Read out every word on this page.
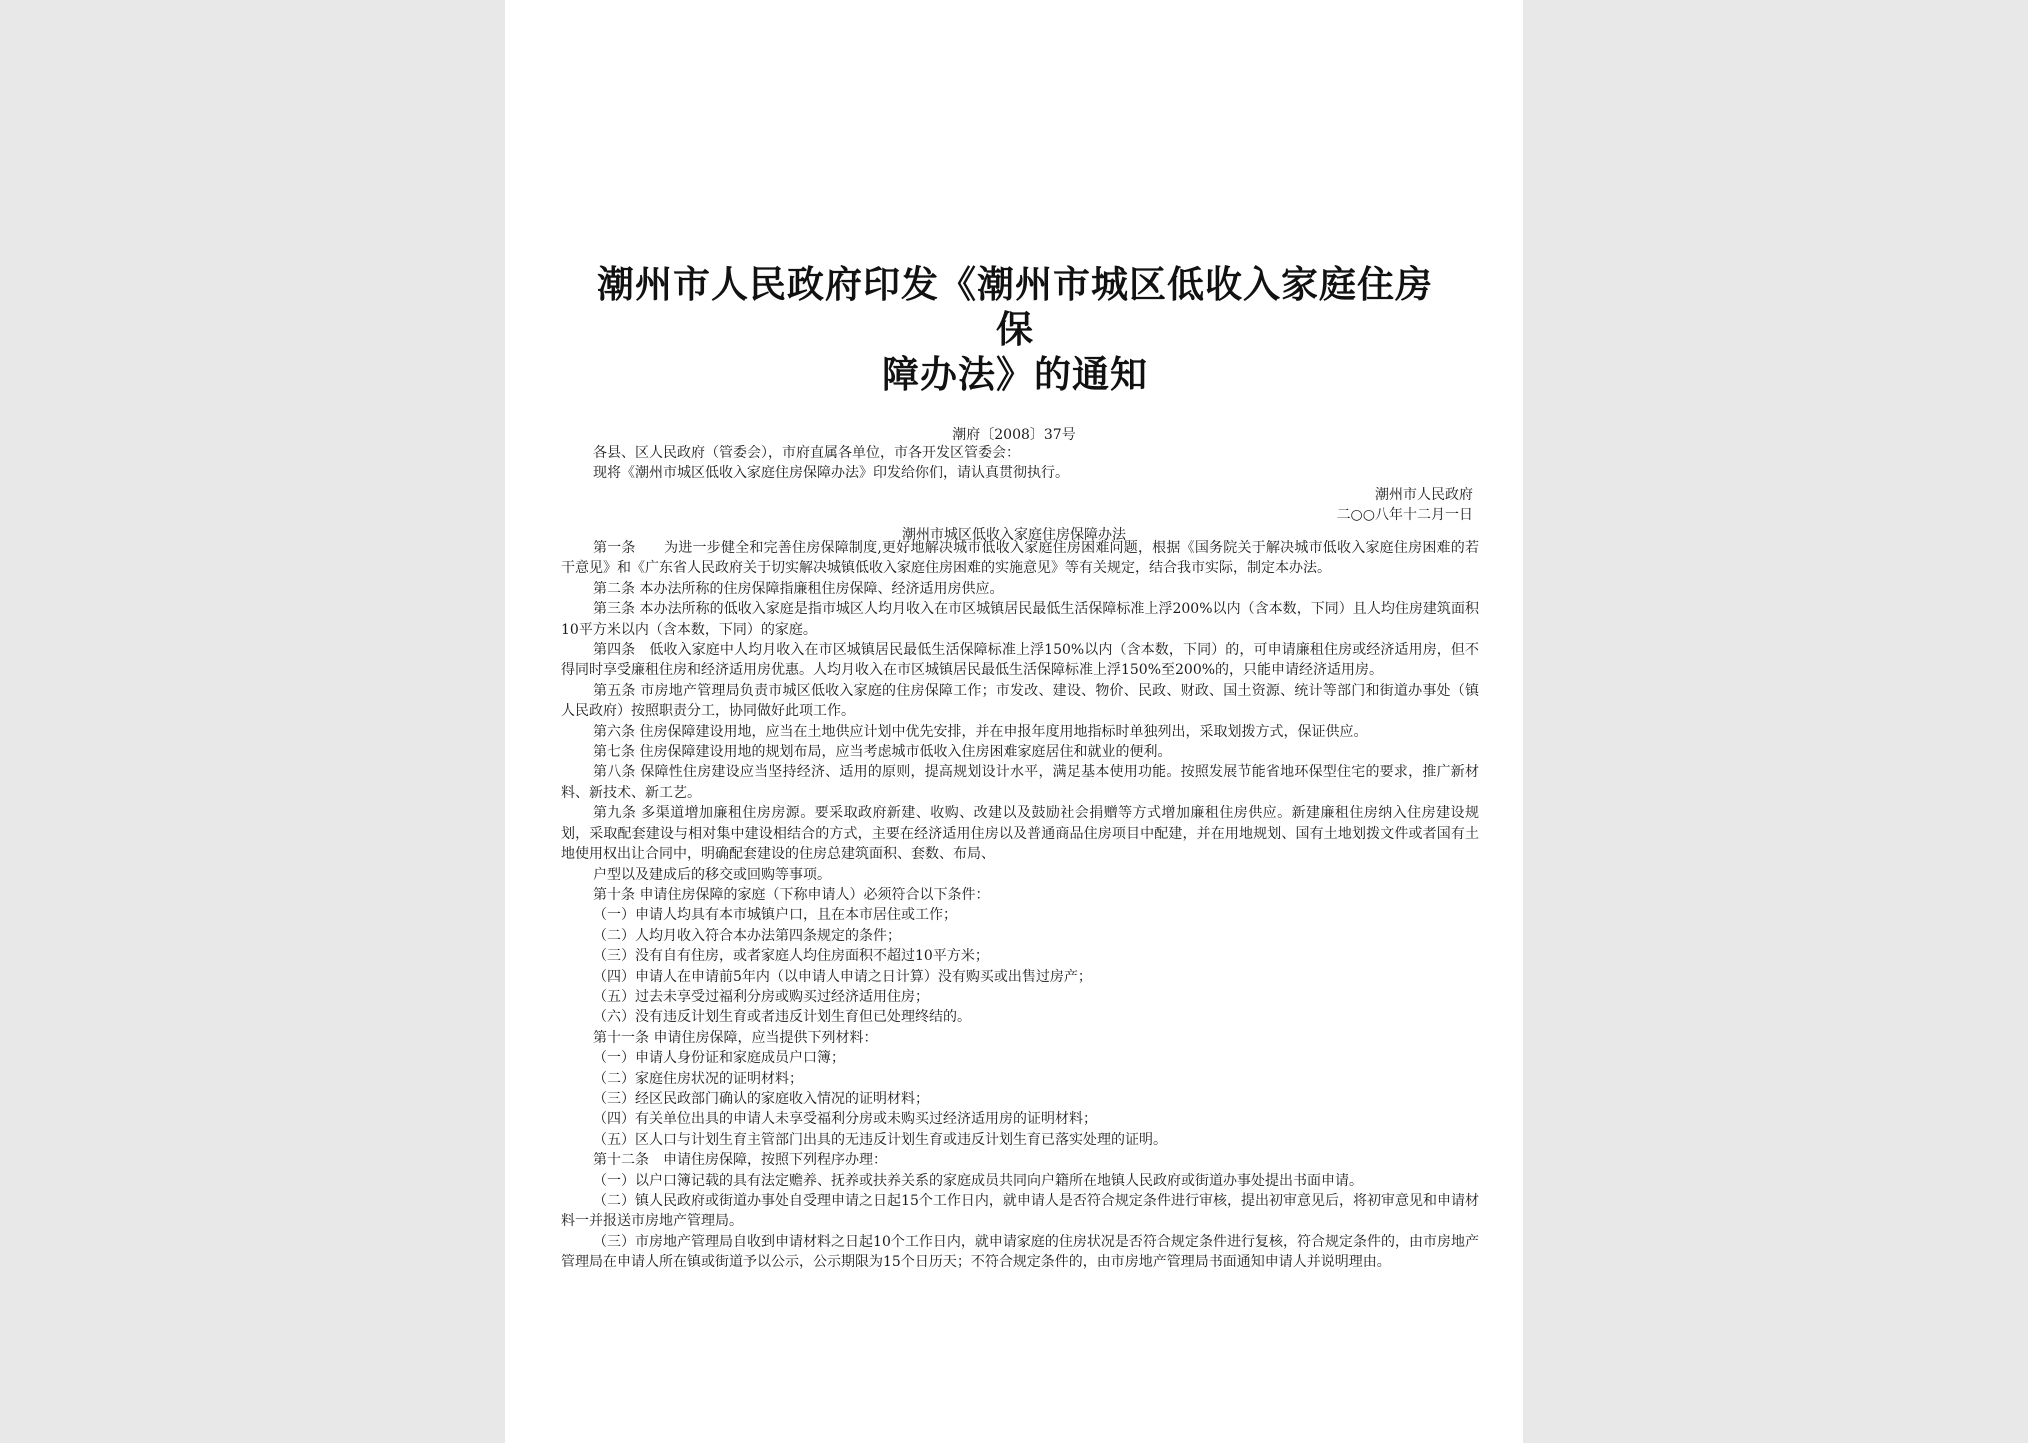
潮州市人民政府印发《潮州市城区低收入家庭住房保
障办法》的通知
潮府〔2008〕37号
各县、区人民政府（管委会），市府直属各单位，市各开发区管委会：
现将《潮州市城区低收入家庭住房保障办法》印发给你们，请认真贯彻执行。
潮州市人民政府
二○○八年十二月一日
潮州市城区低收入家庭住房保障办法

第一条　　为进一步健全和完善住房保障制度,更好地解决城市低收入家庭住房困难问题，根据《国务院关于解决城市低收入家庭住房困难的若干意见》和《广东省人民政府关于切实解决城镇低收入家庭住房困难的实施意见》等有关规定，结合我市实际，制定本办法。

第二条 本办法所称的住房保障指廉租住房保障、经济适用房供应。

第三条 本办法所称的低收入家庭是指市城区人均月收入在市区城镇居民最低生活保障标准上浮200%以内（含本数，下同）且人均住房建筑面积10平方米以内（含本数，下同）的家庭。

第四条　低收入家庭中人均月收入在市区城镇居民最低生活保障标准上浮150%以内（含本数，下同）的，可申请廉租住房或经济适用房，但不得同时享受廉租住房和经济适用房优惠。人均月收入在市区城镇居民最低生活保障标准上浮150%至200%的，只能申请经济适用房。

第五条 市房地产管理局负责市城区低收入家庭的住房保障工作；市发改、建设、物价、民政、财政、国土资源、统计等部门和街道办事处（镇人民政府）按照职责分工，协同做好此项工作。

第六条 住房保障建设用地，应当在土地供应计划中优先安排，并在申报年度用地指标时单独列出，采取划拨方式，保证供应。

第七条 住房保障建设用地的规划布局，应当考虑城市低收入住房困难家庭居住和就业的便利。

第八条 保障性住房建设应当坚持经济、适用的原则，提高规划设计水平，满足基本使用功能。按照发展节能省地环保型住宅的要求，推广新材料、新技术、新工艺。

第九条 多渠道增加廉租住房房源。要采取政府新建、收购、改建以及鼓励社会捐赠等方式增加廉租住房供应。新建廉租住房纳入住房建设规划，采取配套建设与相对集中建设相结合的方式，主要在经济适用住房以及普通商品住房项目中配建，并在用地规划、国有土地划拨文件或者国有土地使用权出让合同中，明确配套建设的住房总建筑面积、套数、布局、

户型以及建成后的移交或回购等事项。

第十条 申请住房保障的家庭（下称申请人）必须符合以下条件：

（一）申请人均具有本市城镇户口，且在本市居住或工作；

（二）人均月收入符合本办法第四条规定的条件；

（三）没有自有住房，或者家庭人均住房面积不超过10平方米；

（四）申请人在申请前5年内（以申请人申请之日计算）没有购买或出售过房产；

（五）过去未享受过福利分房或购买过经济适用住房；

（六）没有违反计划生育或者违反计划生育但已处理终结的。

第十一条 申请住房保障，应当提供下列材料：

（一）申请人身份证和家庭成员户口簿；

（二）家庭住房状况的证明材料；

（三）经区民政部门确认的家庭收入情况的证明材料；

（四）有关单位出具的申请人未享受福利分房或未购买过经济适用房的证明材料；

（五）区人口与计划生育主管部门出具的无违反计划生育或违反计划生育已落实处理的证明。

第十二条　申请住房保障，按照下列程序办理：

（一）以户口簿记载的具有法定赡养、抚养或扶养关系的家庭成员共同向户籍所在地镇人民政府或街道办事处提出书面申请。

（二）镇人民政府或街道办事处自受理申请之日起15个工作日内，就申请人是否符合规定条件进行审核，提出初审意见后，将初审意见和申请材料一并报送市房地产管理局。

（三）市房地产管理局自收到申请材料之日起10个工作日内，就申请家庭的住房状况是否符合规定条件进行复核，符合规定条件的，由市房地产管理局在申请人所在镇或街道予以公示，公示期限为15个日历天；不符合规定条件的，由市房地产管理局书面通知申请人并说明理由。
